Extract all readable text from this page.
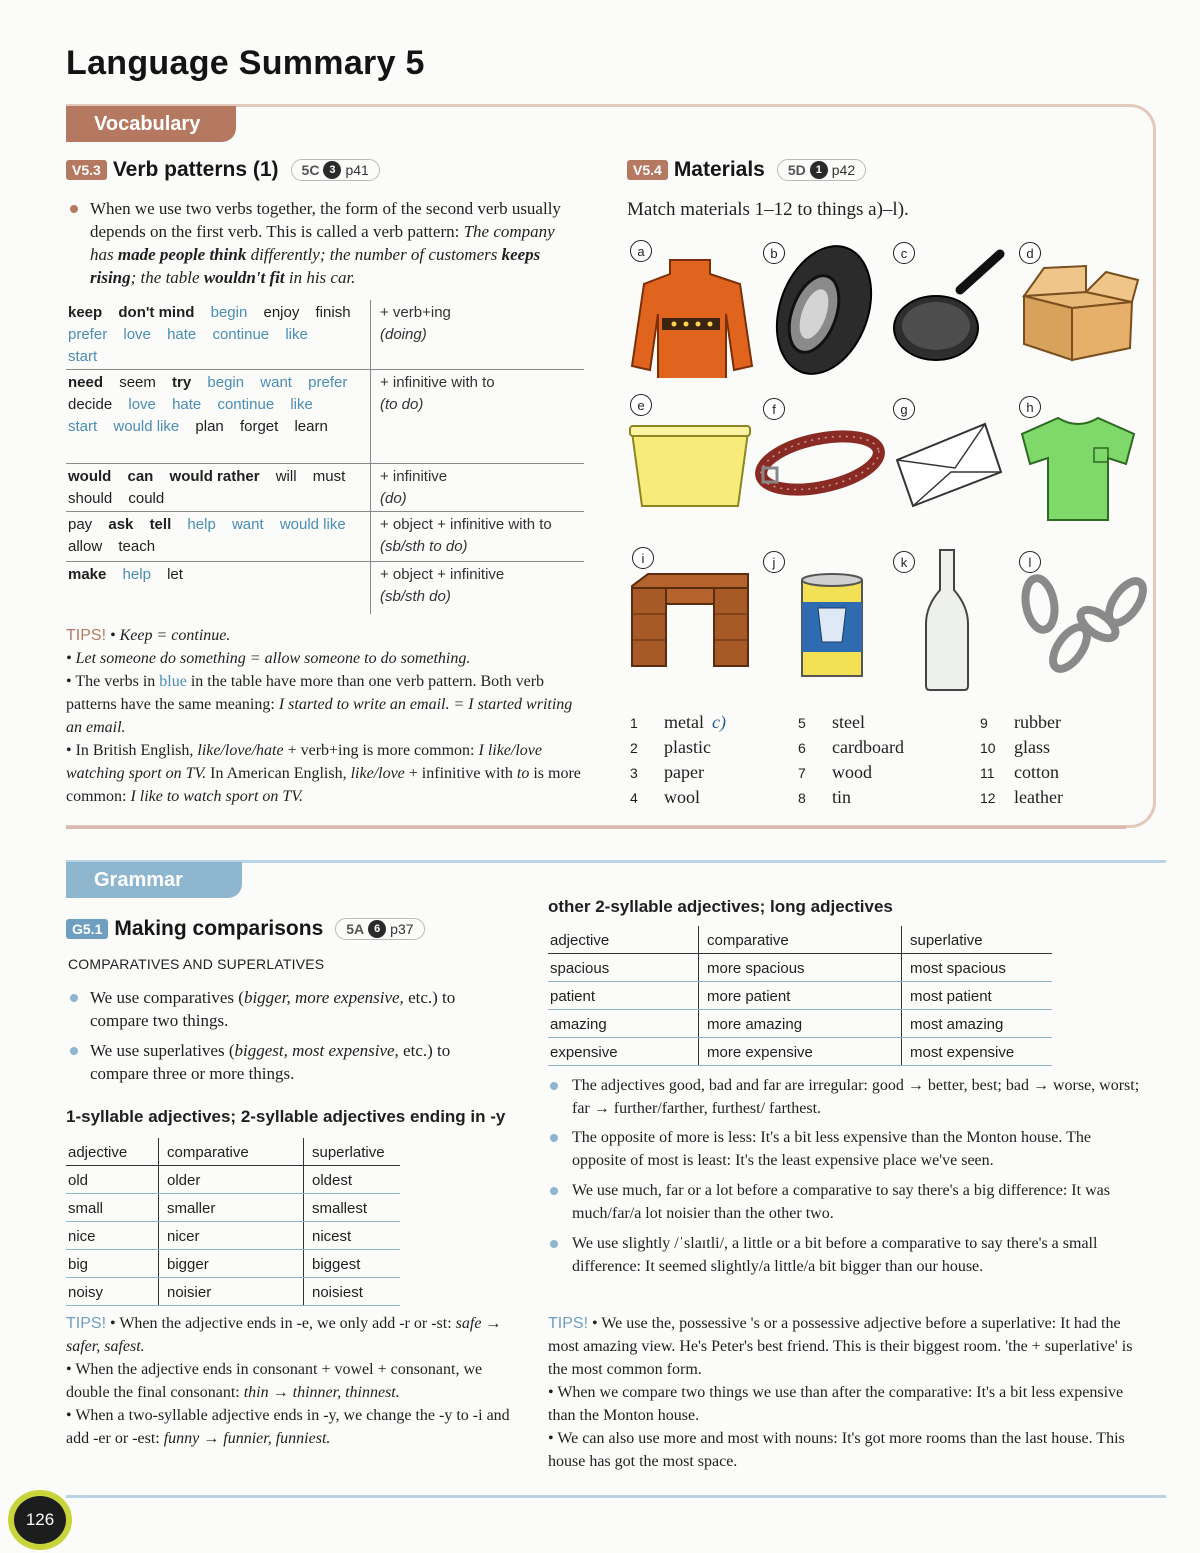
Language Summary 5
Vocabulary
V5.3 Verb patterns (1) 5C 3 p41
When we use two verbs together, the form of the second verb usually depends on the first verb. This is called a verb pattern: The company has made people think differently; the number of customers keeps rising; the table wouldn't fit in his car.
keep don't mind begin enjoy finish prefer love hate continue like start
+ verb+ing
(doing)
need seem try begin want prefer decide love hate continue like start would like plan forget learn
+ infinitive with to
(to do)
would can would rather will must should could
+ infinitive
(do)
pay ask tell help want would like allow teach
+ object + infinitive with to
(sb/sth to do)
make help let	+ object + infinitive
(sb/sth do)
TIPS! • Keep = continue.
• Let someone do something = allow someone to do something.
• The verbs in blue in the table have more than one verb pattern. Both verb patterns have the same meaning: I started to write an email. = I started writing an email.
• In British English, like/love/hate + verb+ing is more common: I like/love watching sport on TV. In American English, like/love + infinitive with to is more common: I like to watch sport on TV.
V5.4 Materials 5D 1 p42
Match materials 1–12 to things a)–l).
a	b	c	d
e	f	g	h
i	j	k	l
1 metal c)
2 plastic
3 paper
4 wool
5 steel
6 cardboard
7 wood
8 tin
9 rubber
10 glass
11 cotton
12 leather
Grammar
G5.1 Making comparisons 5A 6 p37
COMPARATIVES AND SUPERLATIVES
We use comparatives (bigger, more expensive, etc.) to compare two things.
We use superlatives (biggest, most expensive, etc.) to compare three or more things.
1-syllable adjectives; 2-syllable adjectives ending in -y
adjective	comparative	superlative
old	older	oldest
small	smaller	smallest
nice	nicer	nicest
big	bigger	biggest
noisy	noisier	noisiest
TIPS! • When the adjective ends in -e, we only add -r or -st: safe → safer, safest.
• When the adjective ends in consonant + vowel + consonant, we double the final consonant: thin → thinner, thinnest.
• When a two-syllable adjective ends in -y, we change the -y to -i and add -er or -est: funny → funnier, funniest.
other 2-syllable adjectives; long adjectives
adjective	comparative	superlative
spacious	more spacious	most spacious
patient	more patient	most patient
amazing	more amazing	most amazing
expensive	more expensive	most expensive
The adjectives good, bad and far are irregular: good → better, best; bad → worse, worst; far → further/farther, furthest/ farthest.
The opposite of more is less: It's a bit less expensive than the Monton house. The opposite of most is least: It's the least expensive place we've seen.
We use much, far or a lot before a comparative to say there's a big difference: It was much/far/a lot noisier than the other two.
We use slightly /ˈslaɪtli/, a little or a bit before a comparative to say there's a small difference: It seemed slightly/a little/a bit bigger than our house.
TIPS! • We use the, possessive 's or a possessive adjective before a superlative: It had the most amazing view. He's Peter's best friend. This is their biggest room. 'the + superlative' is the most common form.
• When we compare two things we use than after the comparative: It's a bit less expensive than the Monton house.
• We can also use more and most with nouns: It's got more rooms than the last house. This house has got the most space.
126
